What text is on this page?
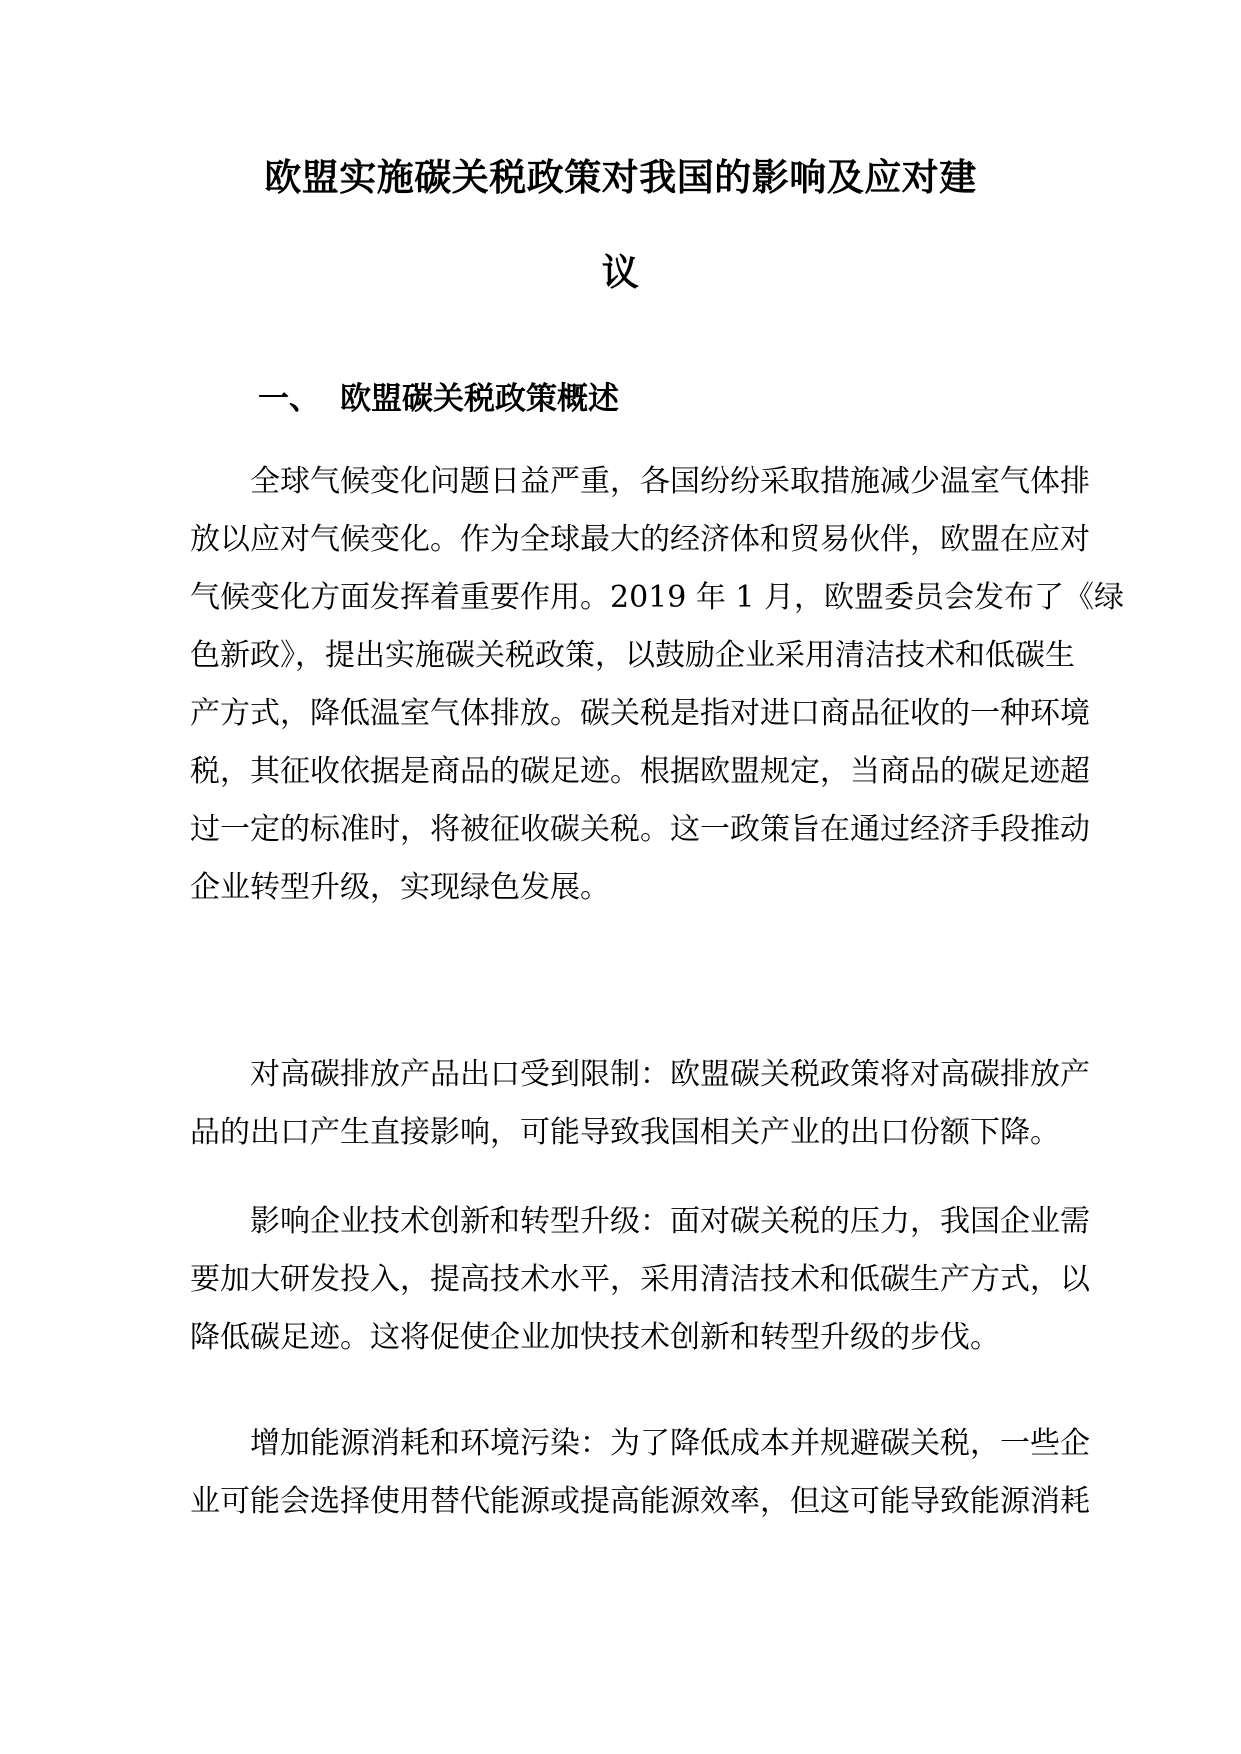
欧盟实施碳关税政策对我国的影响及应对建
议
一、 欧盟碳关税政策概述
　　全球气候变化问题日益严重，各国纷纷采取措施减少温室气体排
放以应对气候变化。作为全球最大的经济体和贸易伙伴，欧盟在应对
气候变化方面发挥着重要作用。2019 年 1 月，欧盟委员会发布了《绿
色新政》，提出实施碳关税政策，以鼓励企业采用清洁技术和低碳生
产方式，降低温室气体排放。碳关税是指对进口商品征收的一种环境
税，其征收依据是商品的碳足迹。根据欧盟规定，当商品的碳足迹超
过一定的标准时，将被征收碳关税。这一政策旨在通过经济手段推动
企业转型升级，实现绿色发展。
　　对高碳排放产品出口受到限制：欧盟碳关税政策将对高碳排放产
品的出口产生直接影响，可能导致我国相关产业的出口份额下降。
　　影响企业技术创新和转型升级：面对碳关税的压力，我国企业需
要加大研发投入，提高技术水平，采用清洁技术和低碳生产方式，以
降低碳足迹。这将促使企业加快技术创新和转型升级的步伐。
　　增加能源消耗和环境污染：为了降低成本并规避碳关税，一些企
业可能会选择使用替代能源或提高能源效率，但这可能导致能源消耗
